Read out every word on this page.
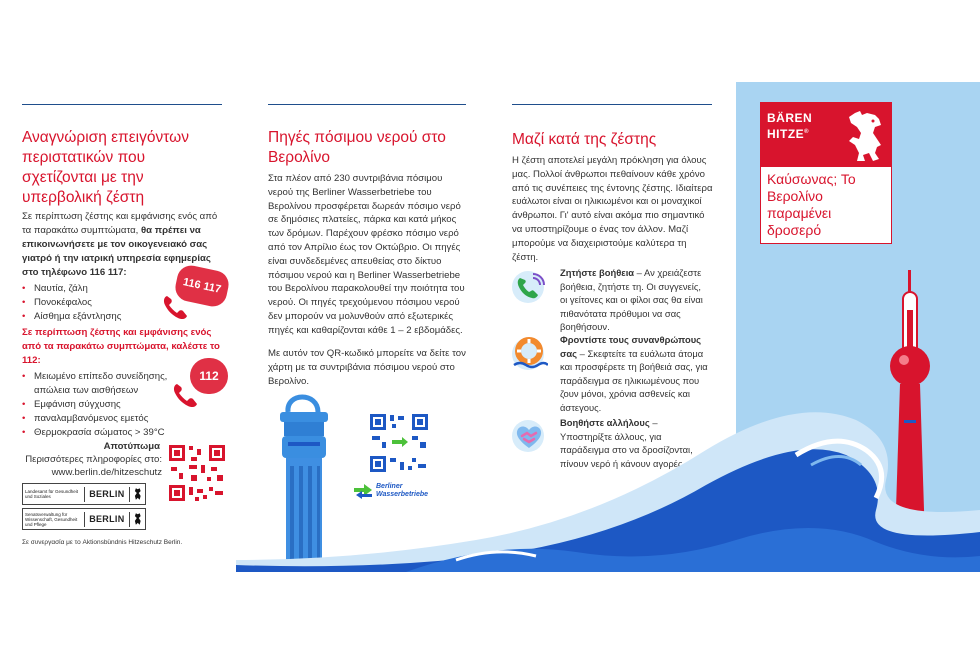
Αναγνώριση επειγόντων περιστατικών που σχετίζονται με την υπερβολική ζέστη
Σε περίπτωση ζέστης και εμφάνισης ενός από τα παρακάτω συμπτώματα, θα πρέπει να επικοινωνήσετε με τον οικογενειακό σας γιατρό ή την ιατρική υπηρεσία εφημερίας στο τηλέφωνο 116 117:
• Ναυτία, ζάλη
• Πονοκέφαλος
• Αίσθημα εξάντλησης
116 117
Σε περίπτωση ζέστης και εμφάνισης ενός από τα παρακάτω συμπτώματα, καλέστε το 112:
• Μειωμένο επίπεδο συνείδησης, απώλεια των αισθήσεων
• Εμφάνιση σύγχυσης
• παναλαμβανόμενος εμετός
• Θερμοκρασία σώματος > 39°C
112
Αποτύπωμα
Περισσότερες πληροφορίες στο:
www.berlin.de/hitzeschutz
Landesamt für Gesundheit und Soziales	BERLIN
Senatsverwaltung für Wissenschaft, Gesundheit und Pflege
BERLIN
Σε συνεργασία με το Aktionsbündnis Hitzeschutz Berlin.
Πηγές πόσιμου νερού στο Βερολίνο
Στα πλέον από 230 συντριβάνια πόσιμου νερού της Berliner Wasserbetriebe του Βερολίνου προσφέρεται δωρεάν πόσιμο νερό σε δημόσιες πλατείες, πάρκα και κατά μήκος των δρόμων. Παρέχουν φρέσκο πόσιμο νερό από τον Απρίλιο έως τον Οκτώβριο. Οι πηγές είναι συνδεδεμένες απευθείας στο δίκτυο πόσιμου νερού και η Berliner Wasserbetriebe του Βερολίνου παρακολουθεί την ποιότητα του νερού. Οι πηγές τρεχούμενου πόσιμου νερού δεν μπορούν να μολυνθούν από εξωτερικές πηγές και καθαρίζονται κάθε 1 – 2 εβδομάδες.
Με αυτόν τον QR-κωδικό μπορείτε να δείτε τον χάρτη με τα συντριβάνια πόσιμου νερού στο Βερολίνο.
Berliner
Wasserbetriebe
Μαζί κατά της ζέστης
Η ζέστη αποτελεί μεγάλη πρόκληση για όλους μας. Πολλοί άνθρωποι πεθαίνουν κάθε χρόνο από τις συνέπειες της έντονης ζέστης. Ιδιαίτερα ευάλωτοι είναι οι ηλικιωμένοι και οι μοναχικοί άνθρωποι. Γι' αυτό είναι ακόμα πιο σημαντικό να υποστηρίζουμε ο ένας τον άλλον. Μαζί μπορούμε να διαχειριστούμε καλύτερα τη ζέστη.
Ζητήστε βοήθεια – Αν χρειάζεστε βοήθεια, ζητήστε τη. Οι συγγενείς, οι γείτονες και οι φίλοι σας θα είναι πιθανότατα πρόθυμοι να σας βοηθήσουν.
Φροντίστε τους συνανθρώπους σας – Σκεφτείτε τα ευάλωτα άτομα και προσφέρετε τη βοήθειά σας, για παράδειγμα σε ηλικιωμένους που ζουν μόνοι, χρόνια ασθενείς και άστεγους.
Βοηθήστε αλλήλους – Υποστηρίξτε άλλους, για παράδειγμα στο να δροσίζονται, πίνουν νερό ή κάνουν αγορές.
BÄREN
HITZE®
Καύσωνας; Το Βερολίνο παραμένει δροσερό
